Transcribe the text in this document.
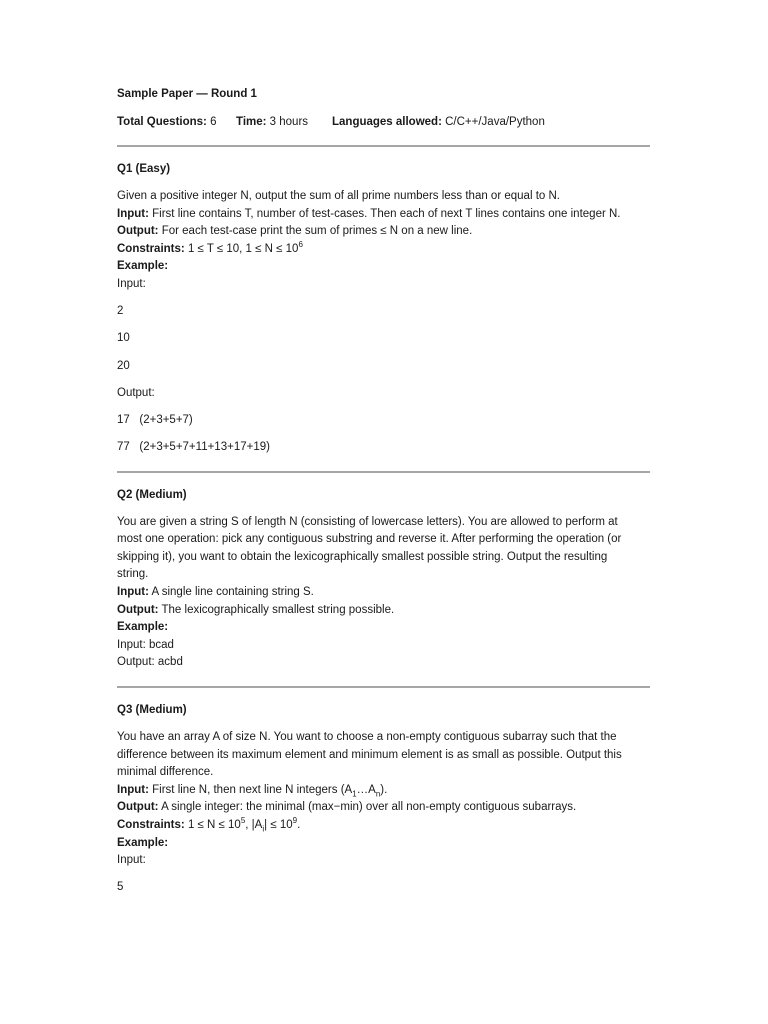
Sample Paper — Round 1
Total Questions: 6 Time: 3 hours Languages allowed: C/C++/Java/Python
Q1 (Easy)
Given a positive integer N, output the sum of all prime numbers less than or equal to N.
Input: First line contains T, number of test-cases. Then each of next T lines contains one integer N.
Output: For each test-case print the sum of primes ≤ N on a new line.
Constraints: 1 ≤ T ≤ 10, $1 \le N \le 10^6$
Example:
Input:
2
10
20
Output:
17   (2+3+5+7)
77   (2+3+5+7+11+13+17+19)
Q2 (Medium)
You are given a string S of length N (consisting of lowercase letters). You are allowed to perform at
most one operation: pick any contiguous substring and reverse it. After performing the operation (or
skipping it), you want to obtain the lexicographically smallest possible string. Output the resulting
string.
Input: A single line containing string S.
Output: The lexicographically smallest string possible.
Example:
Input: bcad
Output: acbd
Q3 (Medium)
You have an array A of size N. You want to choose a non-empty contiguous subarray such that the
difference between its maximum element and minimum element is as small as possible. Output this
minimal difference.
Input: First line N, then next line N integers $(A_1\dots A_n)$.
Output: A single integer: the minimal (max−min) over all non-empty contiguous subarrays.
Constraints: $1 \le N \le 10^5$, $|A_i| \le 10^9$.
Example:
Input:
5
